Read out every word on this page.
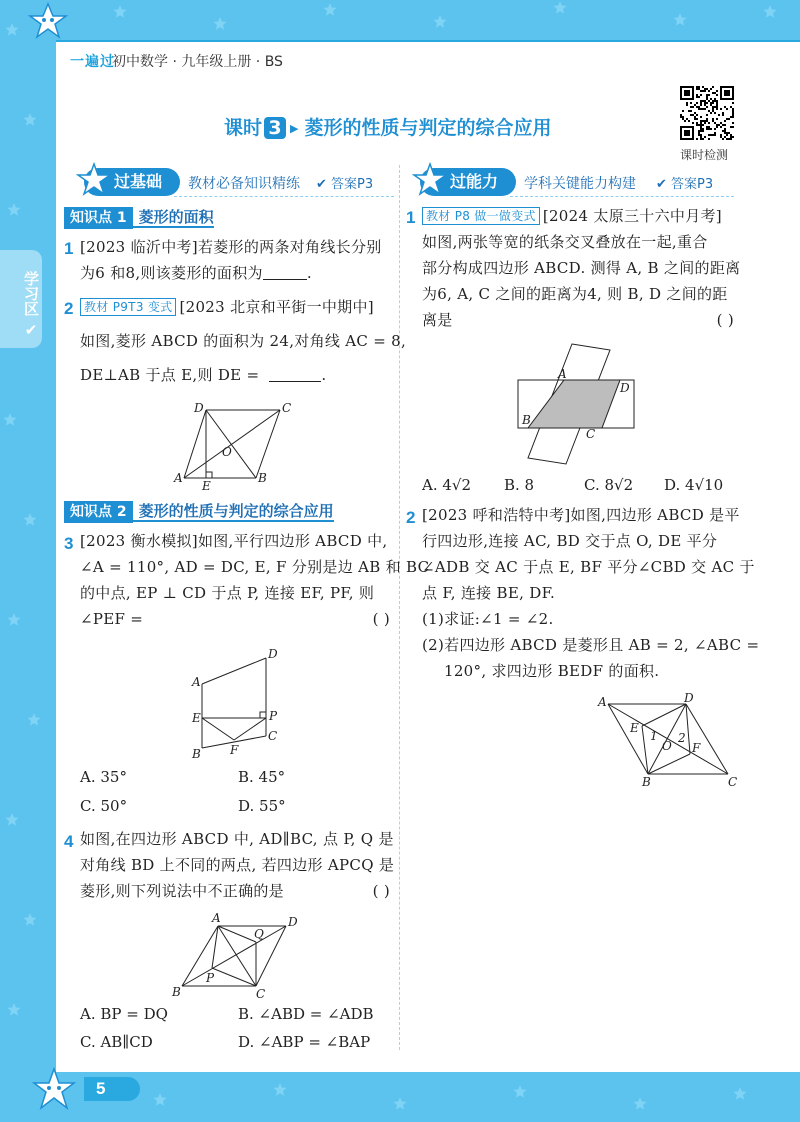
一遍过
初中数学 · 九年级上册 · BS
课时 3 ▶ 菱形的性质与判定的综合应用
课时检测
学习区 ✔
过基础	教材必备知识精练 ✔ 答案P3	过能力	学科关键能力构建 ✔ 答案P3
知识点 1 菱形的面积
1 [2023 临沂中考]若菱形的两条对角线长分别
为6 和8,则该菱形的面积为	.
2 教材 P9T3 变式 [2023 北京和平街一中期中]
如图,菱形 ABCD 的面积为 24,对角线 AC = 8,
DE⊥AB 于点 E,则 DE =	.
D	C
O
A
E
B
知识点 2 菱形的性质与判定的综合应用
3 [2023 衡水模拟]如图,平行四边形 ABCD 中,
∠A = 110°, AD = DC, E, F 分别是边 AB 和 BC
的中点, EP ⊥ CD 于点 P, 连接 EF, PF, 则
∠PEF =	( )
D
A
E	P
C
F
B
A. 35°	B. 45°
C. 50°	D. 55°
4 如图,在四边形 ABCD 中, AD∥BC, 点 P, Q 是
对角线 BD 上不同的两点, 若四边形 APCQ 是
菱形,则下列说法中不正确的是	( )
A
Q
D
P
B	C
A. BP = DQ	B. ∠ABD = ∠ADB
C. AB∥CD	D. ∠ABP = ∠BAP
1 教材 P8 做一做变式 [2024 太原三十六中月考]
如图,两张等宽的纸条交叉叠放在一起,重合
部分构成四边形 ABCD. 测得 A, B 之间的距离
为6, A, C 之间的距离为4, 则 B, D 之间的距
离是	( )
A
D
B
C
A. 4√2 B. 8	C. 8√2 D. 4√10
2 [2023 呼和浩特中考]如图,四边形 ABCD 是平
行四边形,连接 AC, BD 交于点 O, DE 平分
∠ADB 交 AC 于点 E, BF 平分∠CBD 交 AC 于
点 F, 连接 BE, DF.
(1)求证:∠1 = ∠2.
(2)若四边形 ABCD 是菱形且 AB = 2, ∠ABC =
120°, 求四边形 BEDF 的面积.
A	D
E
1 2
O F
B	C
5
